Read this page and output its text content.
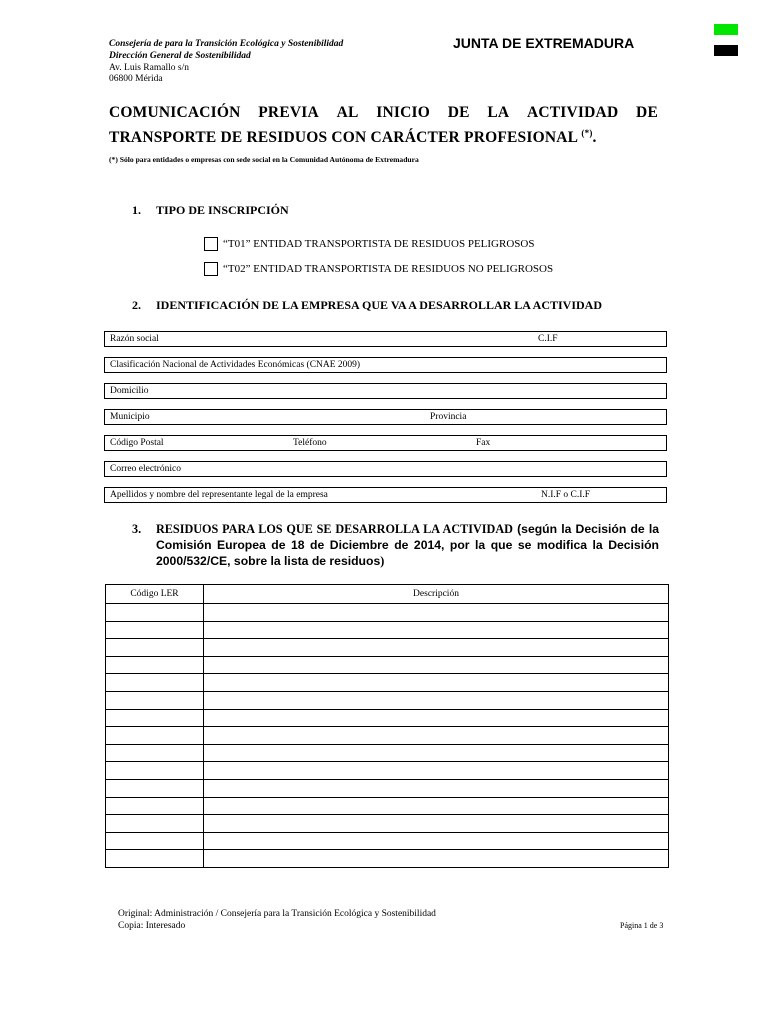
Consejería de para la Transición Ecológica y Sostenibilidad
Dirección General de Sostenibilidad
Av. Luis Ramallo s/n
06800 Mérida
JUNTA DE EXTREMADURA
COMUNICACIÓN PREVIA AL INICIO DE LA ACTIVIDAD DE
TRANSPORTE DE RESIDUOS CON CARÁCTER PROFESIONAL (*).
(*) Sólo para entidades o empresas con sede social en la Comunidad Autónoma de Extremadura
1. TIPO DE INSCRIPCIÓN
“T01” ENTIDAD TRANSPORTISTA DE RESIDUOS PELIGROSOS
“T02” ENTIDAD TRANSPORTISTA DE RESIDUOS NO PELIGROSOS
2. IDENTIFICACIÓN DE LA EMPRESA QUE VA A DESARROLLAR LA ACTIVIDAD
Razón social	C.I.F
Clasificación Nacional de Actividades Económicas (CNAE 2009)
Domicilio
Municipio	Provincia
Código Postal	Teléfono	Fax
Correo electrónico
Apellidos y nombre del representante legal de la empresa	N.I.F o C.I.F
3. RESIDUOS PARA LOS QUE SE DESARROLLA LA ACTIVIDAD (según la Decisión de la Comisión Europea de 18 de Diciembre de 2014, por la que se modifica la Decisión 2000/532/CE, sobre la lista de residuos)
Código LER	Descripción

Original: Administración / Consejería para la Transición Ecológica y Sostenibilidad
Copia: Interesado	Página 1 de 3
